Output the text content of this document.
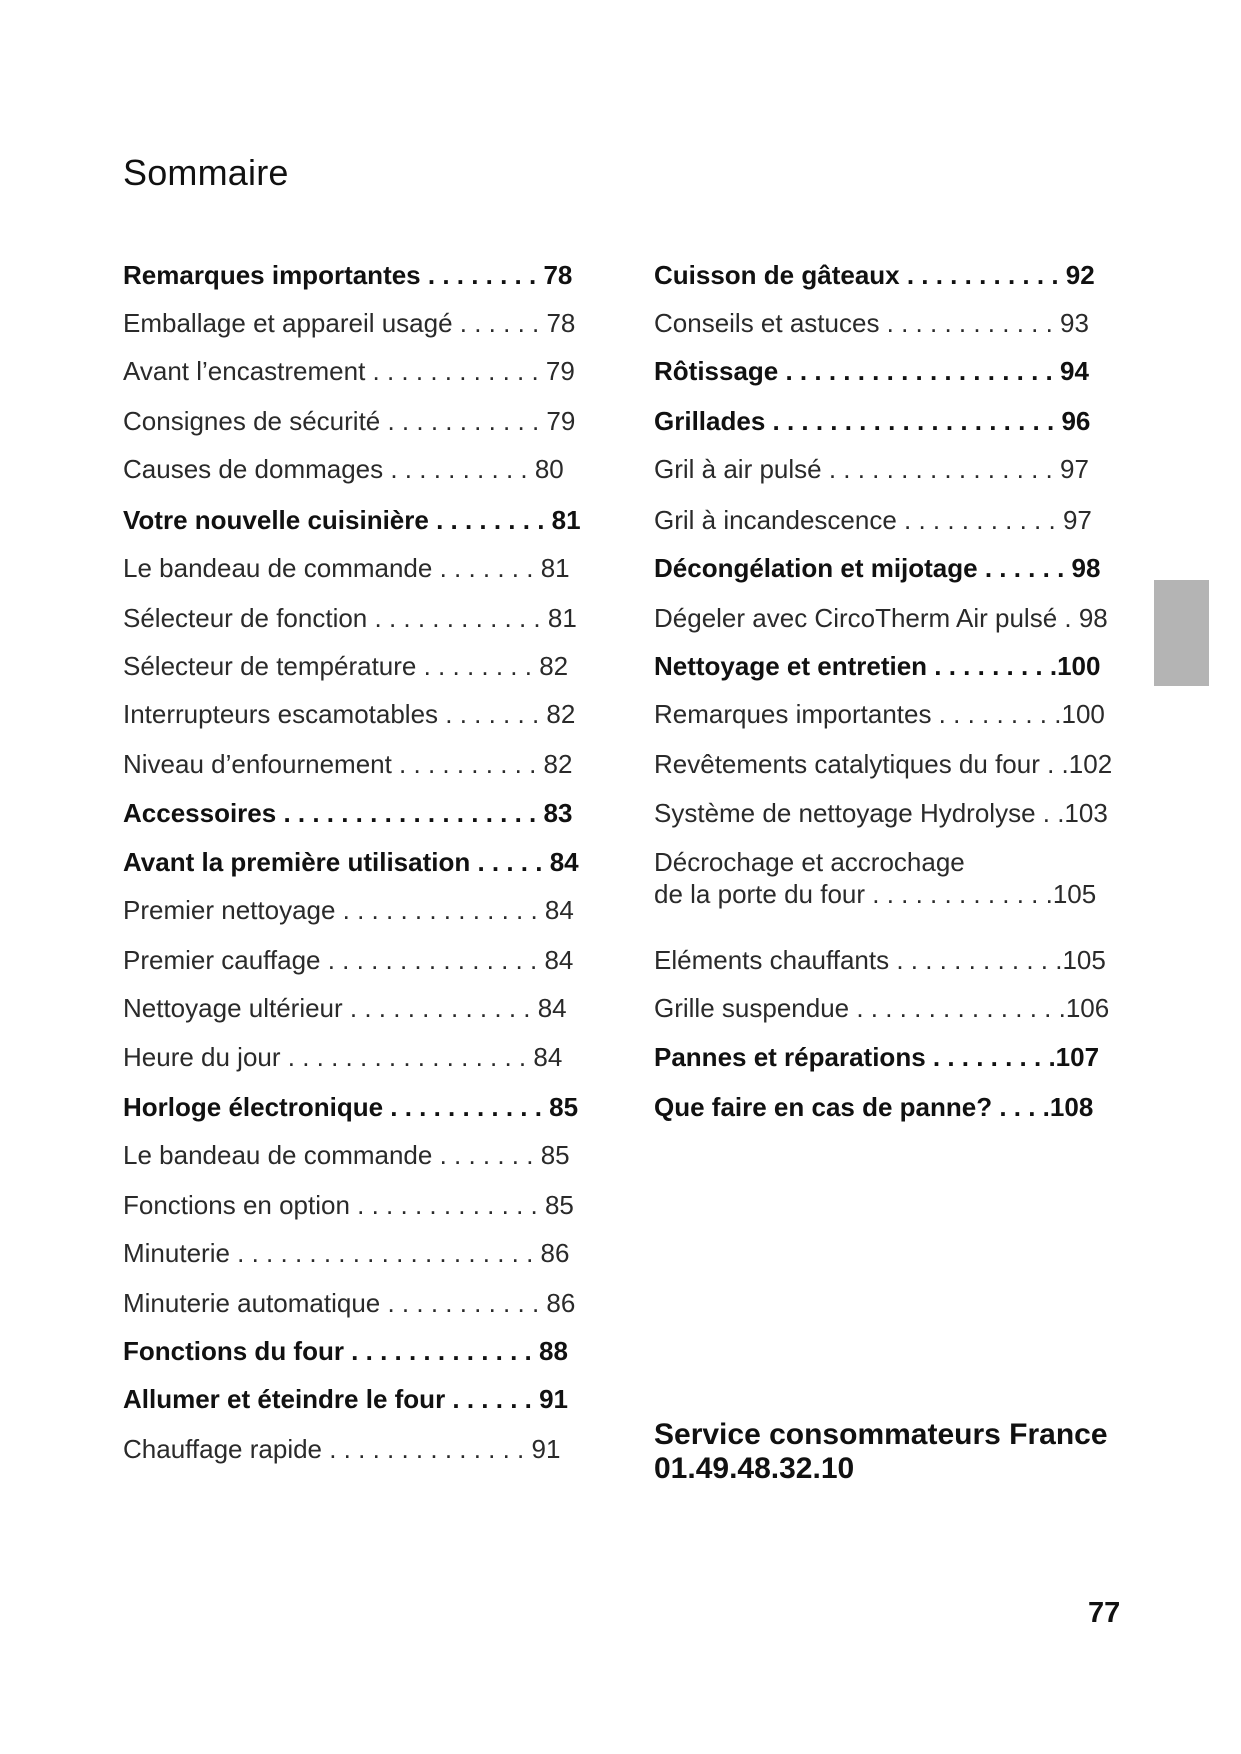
Sommaire
Remarques importantes . . . . . . . . 78
Emballage et appareil usagé . . . . . . 78
Avant l’encastrement . . . . . . . . . . . . 79
Consignes de sécurité . . . . . . . . . . . 79
Causes de dommages . . . . . . . . . . 80
Votre nouvelle cuisinière . . . . . . . . 81
Le bandeau de commande . . . . . . . 81
Sélecteur de fonction . . . . . . . . . . . . 81
Sélecteur de température . . . . . . . . 82
Interrupteurs escamotables . . . . . . . 82
Niveau d’enfournement . . . . . . . . . . 82
Accessoires . . . . . . . . . . . . . . . . . . 83
Avant la première utilisation . . . . . 84
Premier nettoyage . . . . . . . . . . . . . . 84
Premier cauffage . . . . . . . . . . . . . . . 84
Nettoyage ultérieur . . . . . . . . . . . . . 84
Heure du jour . . . . . . . . . . . . . . . . . 84
Horloge électronique . . . . . . . . . . . 85
Le bandeau de commande . . . . . . . 85
Fonctions en option . . . . . . . . . . . . . 85
Minuterie . . . . . . . . . . . . . . . . . . . . . 86
Minuterie automatique . . . . . . . . . . . 86
Fonctions du four . . . . . . . . . . . . . 88
Allumer et éteindre le four . . . . . . 91
Chauffage rapide . . . . . . . . . . . . . . 91
Cuisson de gâteaux . . . . . . . . . . . 92
Conseils et astuces . . . . . . . . . . . . 93
Rôtissage . . . . . . . . . . . . . . . . . . . 94
Grillades . . . . . . . . . . . . . . . . . . . . 96
Gril à air pulsé . . . . . . . . . . . . . . . . 97
Gril à incandescence . . . . . . . . . . . 97
Décongélation et mijotage . . . . . . 98
Dégeler avec CircoTherm Air pulsé . 98
Nettoyage et entretien . . . . . . . . .100
Remarques importantes . . . . . . . . .100
Revêtements catalytiques du four . .102
Système de nettoyage Hydrolyse . .103
Décrochage et accrochage
de la porte du four . . . . . . . . . . . . .105
Eléments chauffants . . . . . . . . . . . .105
Grille suspendue . . . . . . . . . . . . . . .106
Pannes et réparations . . . . . . . . .107
Que faire en cas de panne? . . . .108
Service consommateurs France
01.49.48.32.10
77
